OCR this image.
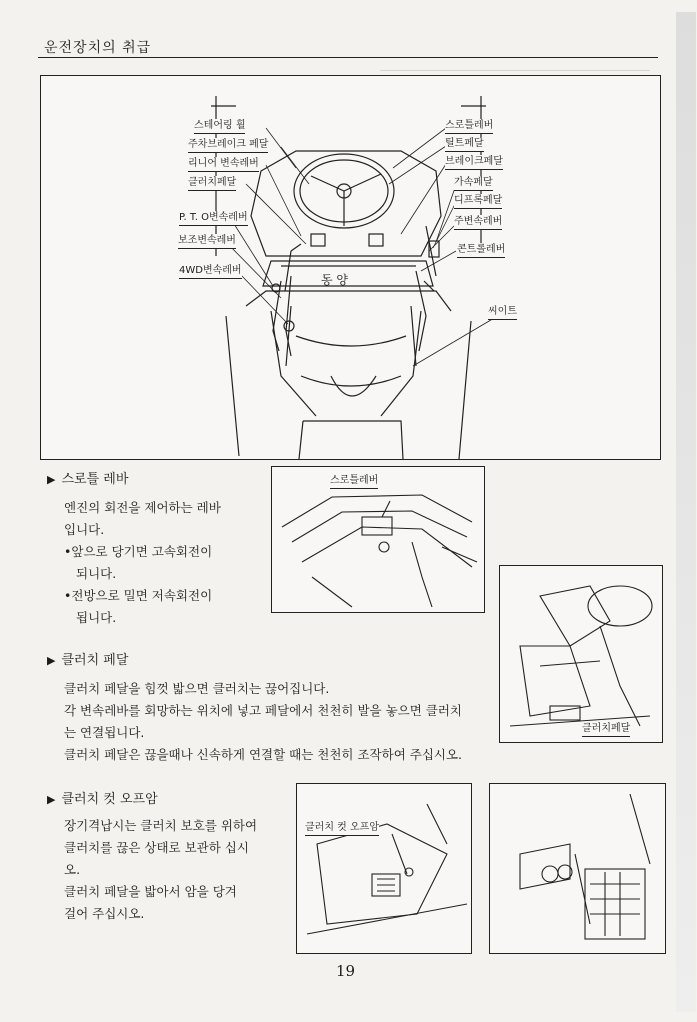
운전장치의 취급
동 양
스테어링 휠
주차브레이크 페달
리니어 변속레버
클러치페달
P. T. O변속레버
보조변속레버
4WD변속레버
스로틀레버
틸트페달
브레이크페달
가속페달
디프록페달
주변속레버
콘트롤레버
씨이트
▶ 스로틀 레바
엔진의 회전을 제어하는 레바
입니다.
•앞으로 당기면 고속회전이
되니다.
•전방으로 밀면 저속회전이
됩니다.
스로틀레버
클러치페달
▶ 클러치 페달
클러치 페달을 힘껏 밟으면 클러치는 끊어집니다.
각 변속레바를 회망하는 위치에 넣고 페달에서 천천히 발을 놓으면 클러치
는 연결됩니다.
클러치 페달은 끊을때나 신속하게 연결할 때는 천천히 조작하여 주십시오.
▶ 클러치 컷 오프암
장기격납시는 클러치 보호를 위하여
클러치를 끊은 상태로 보관하 십시
오.
클러치 페달을 밟아서 암을 당겨
걸어 주십시오.
클러치 컷 오프암
19
